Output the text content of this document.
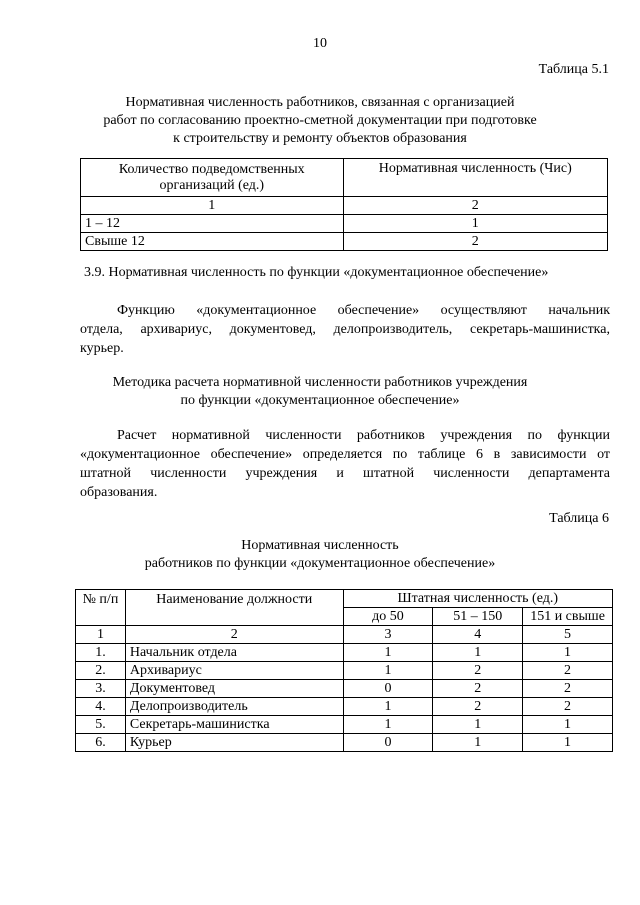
10
Таблица 5.1
Нормативная численность работников, связанная с организацией
работ по согласованию проектно-сметной документации при подготовке
к строительству и ремонту объектов образования
Количество подведомственных организаций (ед.)	Нормативная численность (Чис)
1	2
1 – 12	1
Свыше 12	2
3.9. Нормативная численность по функции «документационное обеспечение»
Функцию «документационное обеспечение» осуществляют начальник
отдела, архивариус, документовед, делопроизводитель, секретарь-машинистка,
курьер.
Методика расчета нормативной численности работников учреждения
по функции «документационное обеспечение»
Расчет нормативной численности работников учреждения по функции
«документационное обеспечение» определяется по таблице 6 в зависимости от
штатной численности учреждения и штатной численности департамента
образования.
Таблица 6
Нормативная численность
работников по функции «документационное обеспечение»
№ п/п	Наименование должности	Штатная численность (ед.)		
		до 50	51 – 150	151 и свыше
1	2	3	4	5
1.	Начальник отдела	1	1	1
2.	Архивариус	1	2	2
3.	Документовед	0	2	2
4.	Делопроизводитель	1	2	2
5.	Секретарь-машинистка	1	1	1
6.	Курьер	0	1	1
